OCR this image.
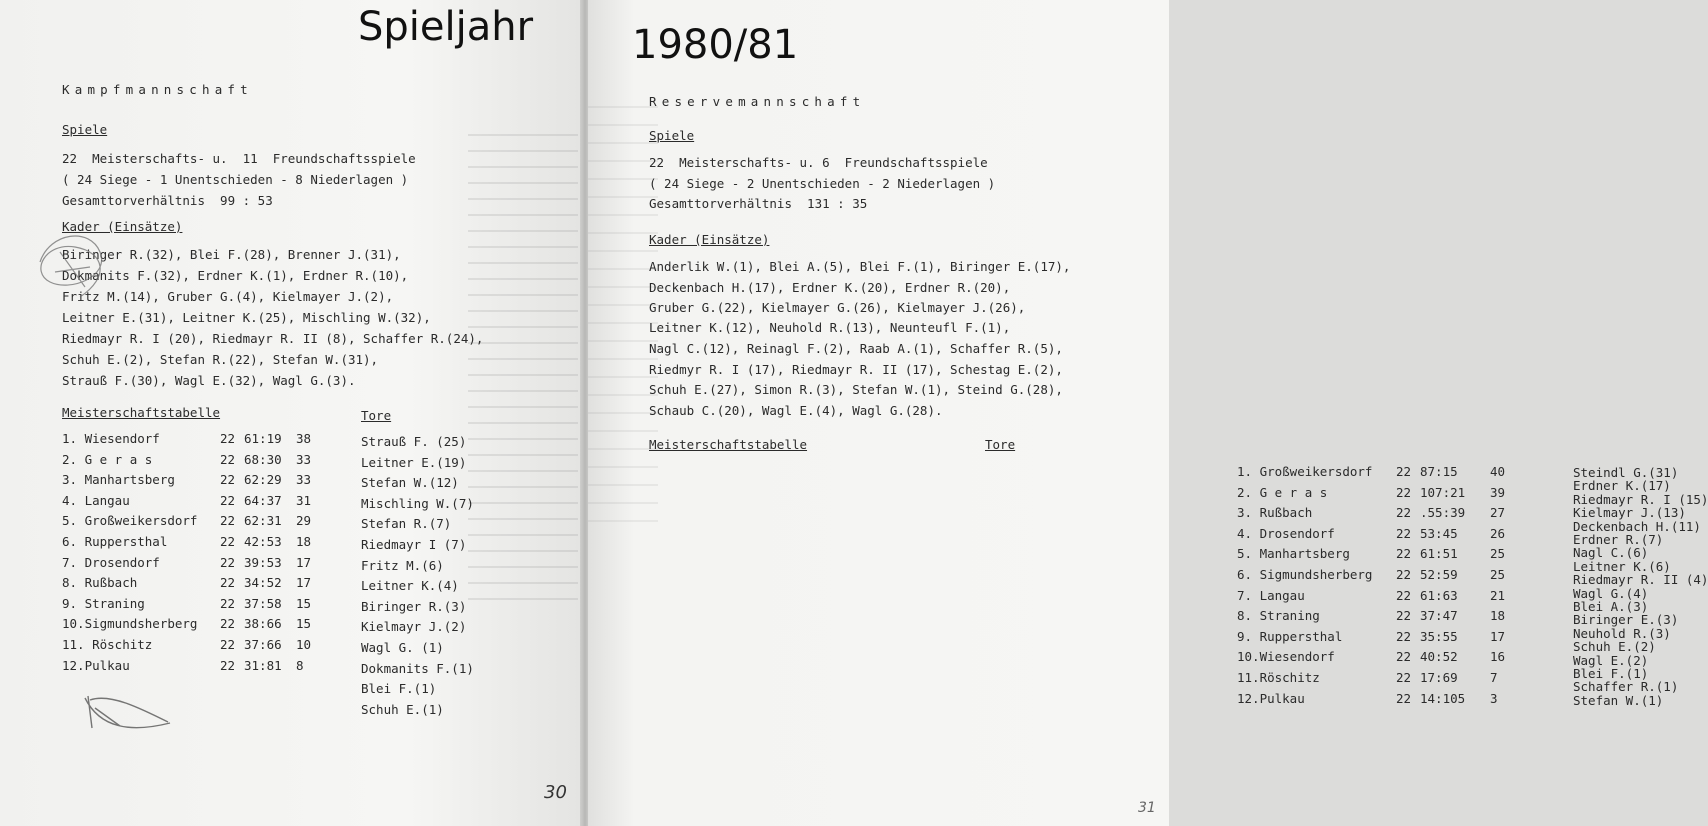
Spieljahr
Kampfmannschaft
Spiele
22  Meisterschafts- u.  11  Freundschaftsspiele
( 24 Siege - 1 Unentschieden - 8 Niederlagen )
Gesamttorverhältnis  99 : 53
Kader (Einsätze)
Biringer R.(32), Blei F.(28), Brenner J.(31),
Dokmanits F.(32), Erdner K.(1), Erdner R.(10),
Fritz M.(14), Gruber G.(4), Kielmayer J.(2),
Leitner E.(31), Leitner K.(25), Mischling W.(32),
Riedmayr R. I (20), Riedmayr R. II (8), Schaffer R.(24),
Schuh E.(2), Stefan R.(22), Stefan W.(31),
Strauß F.(30), Wagl E.(32), Wagl G.(3).
Meisterschaftstabelle	Tore
1. Wiesendorf	22 61:19 38
2. G e r a s	22 68:30 33
3. Manhartsberg	22 62:29 33
4. Langau	22 64:37 31
5. Großweikersdorf 22 62:31 29
6. Ruppersthal	22 42:53 18
7. Drosendorf	22 39:53 17
8. Rußbach	22 34:52 17
9. Straning	22 37:58 15
10.Sigmundsherberg 22 38:66 15
11. Röschitz	22 37:66 10
12.Pulkau	22 31:81 8
Strauß F. (25)
Leitner E.(19)
Stefan W.(12)
Mischling W.(7)
Stefan R.(7)
Riedmayr I (7)
Fritz M.(6)
Leitner K.(4)
Biringer R.(3)
Kielmayr J.(2)
Wagl G. (1)
Dokmanits F.(1)
Blei F.(1)
Schuh E.(1)
30
1980/81
Reservemannschaft
Spiele
22  Meisterschafts- u. 6  Freundschaftsspiele
( 24 Siege - 2 Unentschieden - 2 Niederlagen )
Gesamttorverhältnis  131 : 35
Kader (Einsätze)
Anderlik W.(1), Blei A.(5), Blei F.(1), Biringer E.(17),
Deckenbach H.(17), Erdner K.(20), Erdner R.(20),
Gruber G.(22), Kielmayer G.(26), Kielmayer J.(26),
Leitner K.(12), Neuhold R.(13), Neunteufl F.(1),
Nagl C.(12), Reinagl F.(2), Raab A.(1), Schaffer R.(5),
Riedmyr R. I (17), Riedmayr R. II (17), Schestag E.(2),
Schuh E.(27), Simon R.(3), Stefan W.(1), Steind G.(28),
Schaub C.(20), Wagl E.(4), Wagl G.(28).
Meisterschaftstabelle	Tore
1. Großweikersdorf 22 87:15	40
2. G e r a s	22 107:21 39
3. Rußbach	22 .55:39 27
4. Drosendorf	22 53:45	26
5. Manhartsberg	22 61:51	25
6. Sigmundsherberg 22 52:59	25
7. Langau	22 61:63	21
8. Straning	22 37:47	18
9. Ruppersthal	22 35:55	17
10.Wiesendorf	22 40:52	16
11.Röschitz	22 17:69	7
12.Pulkau	22 14:105 3
Steindl G.(31)
Erdner K.(17)
Riedmayr R. I (15)
Kielmayr J.(13)
Deckenbach H.(11)
Erdner R.(7)
Nagl C.(6)
Leitner K.(6)
Riedmayr R. II (4)
Wagl G.(4)
Blei A.(3)
Biringer E.(3)
Neuhold R.(3)
Schuh E.(2)
Wagl E.(2)
Blei F.(1)
Schaffer R.(1)
Stefan W.(1)
31
